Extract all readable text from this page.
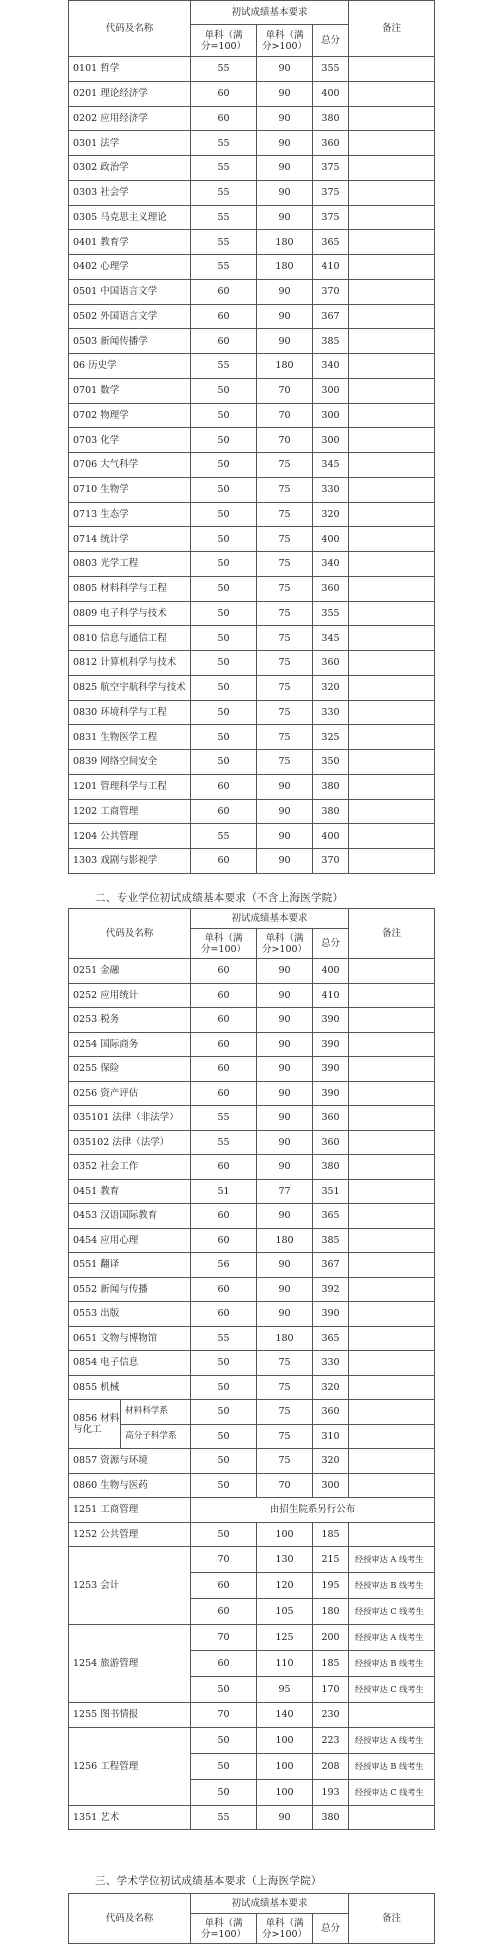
代码及名称	初试成绩基本要求			备注
	单科（满
分=100）	单科（满
分>100）	总分	
0101 哲学	55	90	355	
0201 理论经济学	60	90	400	
0202 应用经济学	60	90	380	
0301 法学	55	90	360	
0302 政治学	55	90	375	
0303 社会学	55	90	375	
0305 马克思主义理论	55	90	375	
0401 教育学	55	180	365	
0402 心理学	55	180	410	
0501 中国语言文学	60	90	370	
0502 外国语言文学	60	90	367	
0503 新闻传播学	60	90	385	
06 历史学	55	180	340	
0701 数学	50	70	300	
0702 物理学	50	70	300	
0703 化学	50	70	300	
0706 大气科学	50	75	345	
0710 生物学	50	75	330	
0713 生态学	50	75	320	
0714 统计学	50	75	400	
0803 光学工程	50	75	340	
0805 材料科学与工程	50	75	360	
0809 电子科学与技术	50	75	355	
0810 信息与通信工程	50	75	345	
0812 计算机科学与技术	50	75	360	
0825 航空宇航科学与技术	50	75	320	
0830 环境科学与工程	50	75	330	
0831 生物医学工程	50	75	325	
0839 网络空间安全	50	75	350	
1201 管理科学与工程	60	90	380	
1202 工商管理	60	90	380	
1204 公共管理	55	90	400	
1303 戏剧与影视学	60	90	370	
二、专业学位初试成绩基本要求（不含上海医学院）
代码及名称		初试成绩基本要求			备注
		单科（满
分=100）	单科（满
分>100）	总分	
0251 金融		60	90	400	
0252 应用统计		60	90	410	
0253 税务		60	90	390	
0254 国际商务		60	90	390	
0255 保险		60	90	390	
0256 资产评估		60	90	390	
035101 法律（非法学）		55	90	360	
035102 法律（法学）		55	90	360	
0352 社会工作		60	90	380	
0451 教育		51	77	351	
0453 汉语国际教育		60	90	365	
0454 应用心理		60	180	385	
0551 翻译		56	90	367	
0552 新闻与传播		60	90	392	
0553 出版		60	90	390	
0651 文物与博物馆		55	180	365	
0854 电子信息		50	75	330	
0855 机械		50	75	320	
0856 材料
与化工	材料科学系	50	75	360	
	高分子科学系	50	75	310	
0857 资源与环境		50	75	320	
0860 生物与医药		50	70	300	
1251 工商管理		由招生院系另行公布			
1252 公共管理		50	100	185	
1253 会计		70	130	215	经授审达 A 线考生
		60	120	195	经授审达 B 线考生
		60	105	180	经授审达 C 线考生
1254 旅游管理		70	125	200	经授审达 A 线考生
		60	110	185	经授审达 B 线考生
		50	95	170	经授审达 C 线考生
1255 图书情报		70	140	230	
1256 工程管理		50	100	223	经授审达 A 线考生
		50	100	208	经授审达 B 线考生
		50	100	193	经授审达 C 线考生
1351 艺术		55	90	380	
三、学术学位初试成绩基本要求（上海医学院）
代码及名称	初试成绩基本要求			备注
	单科（满
分=100）	单科（满
分>100）	总分	
